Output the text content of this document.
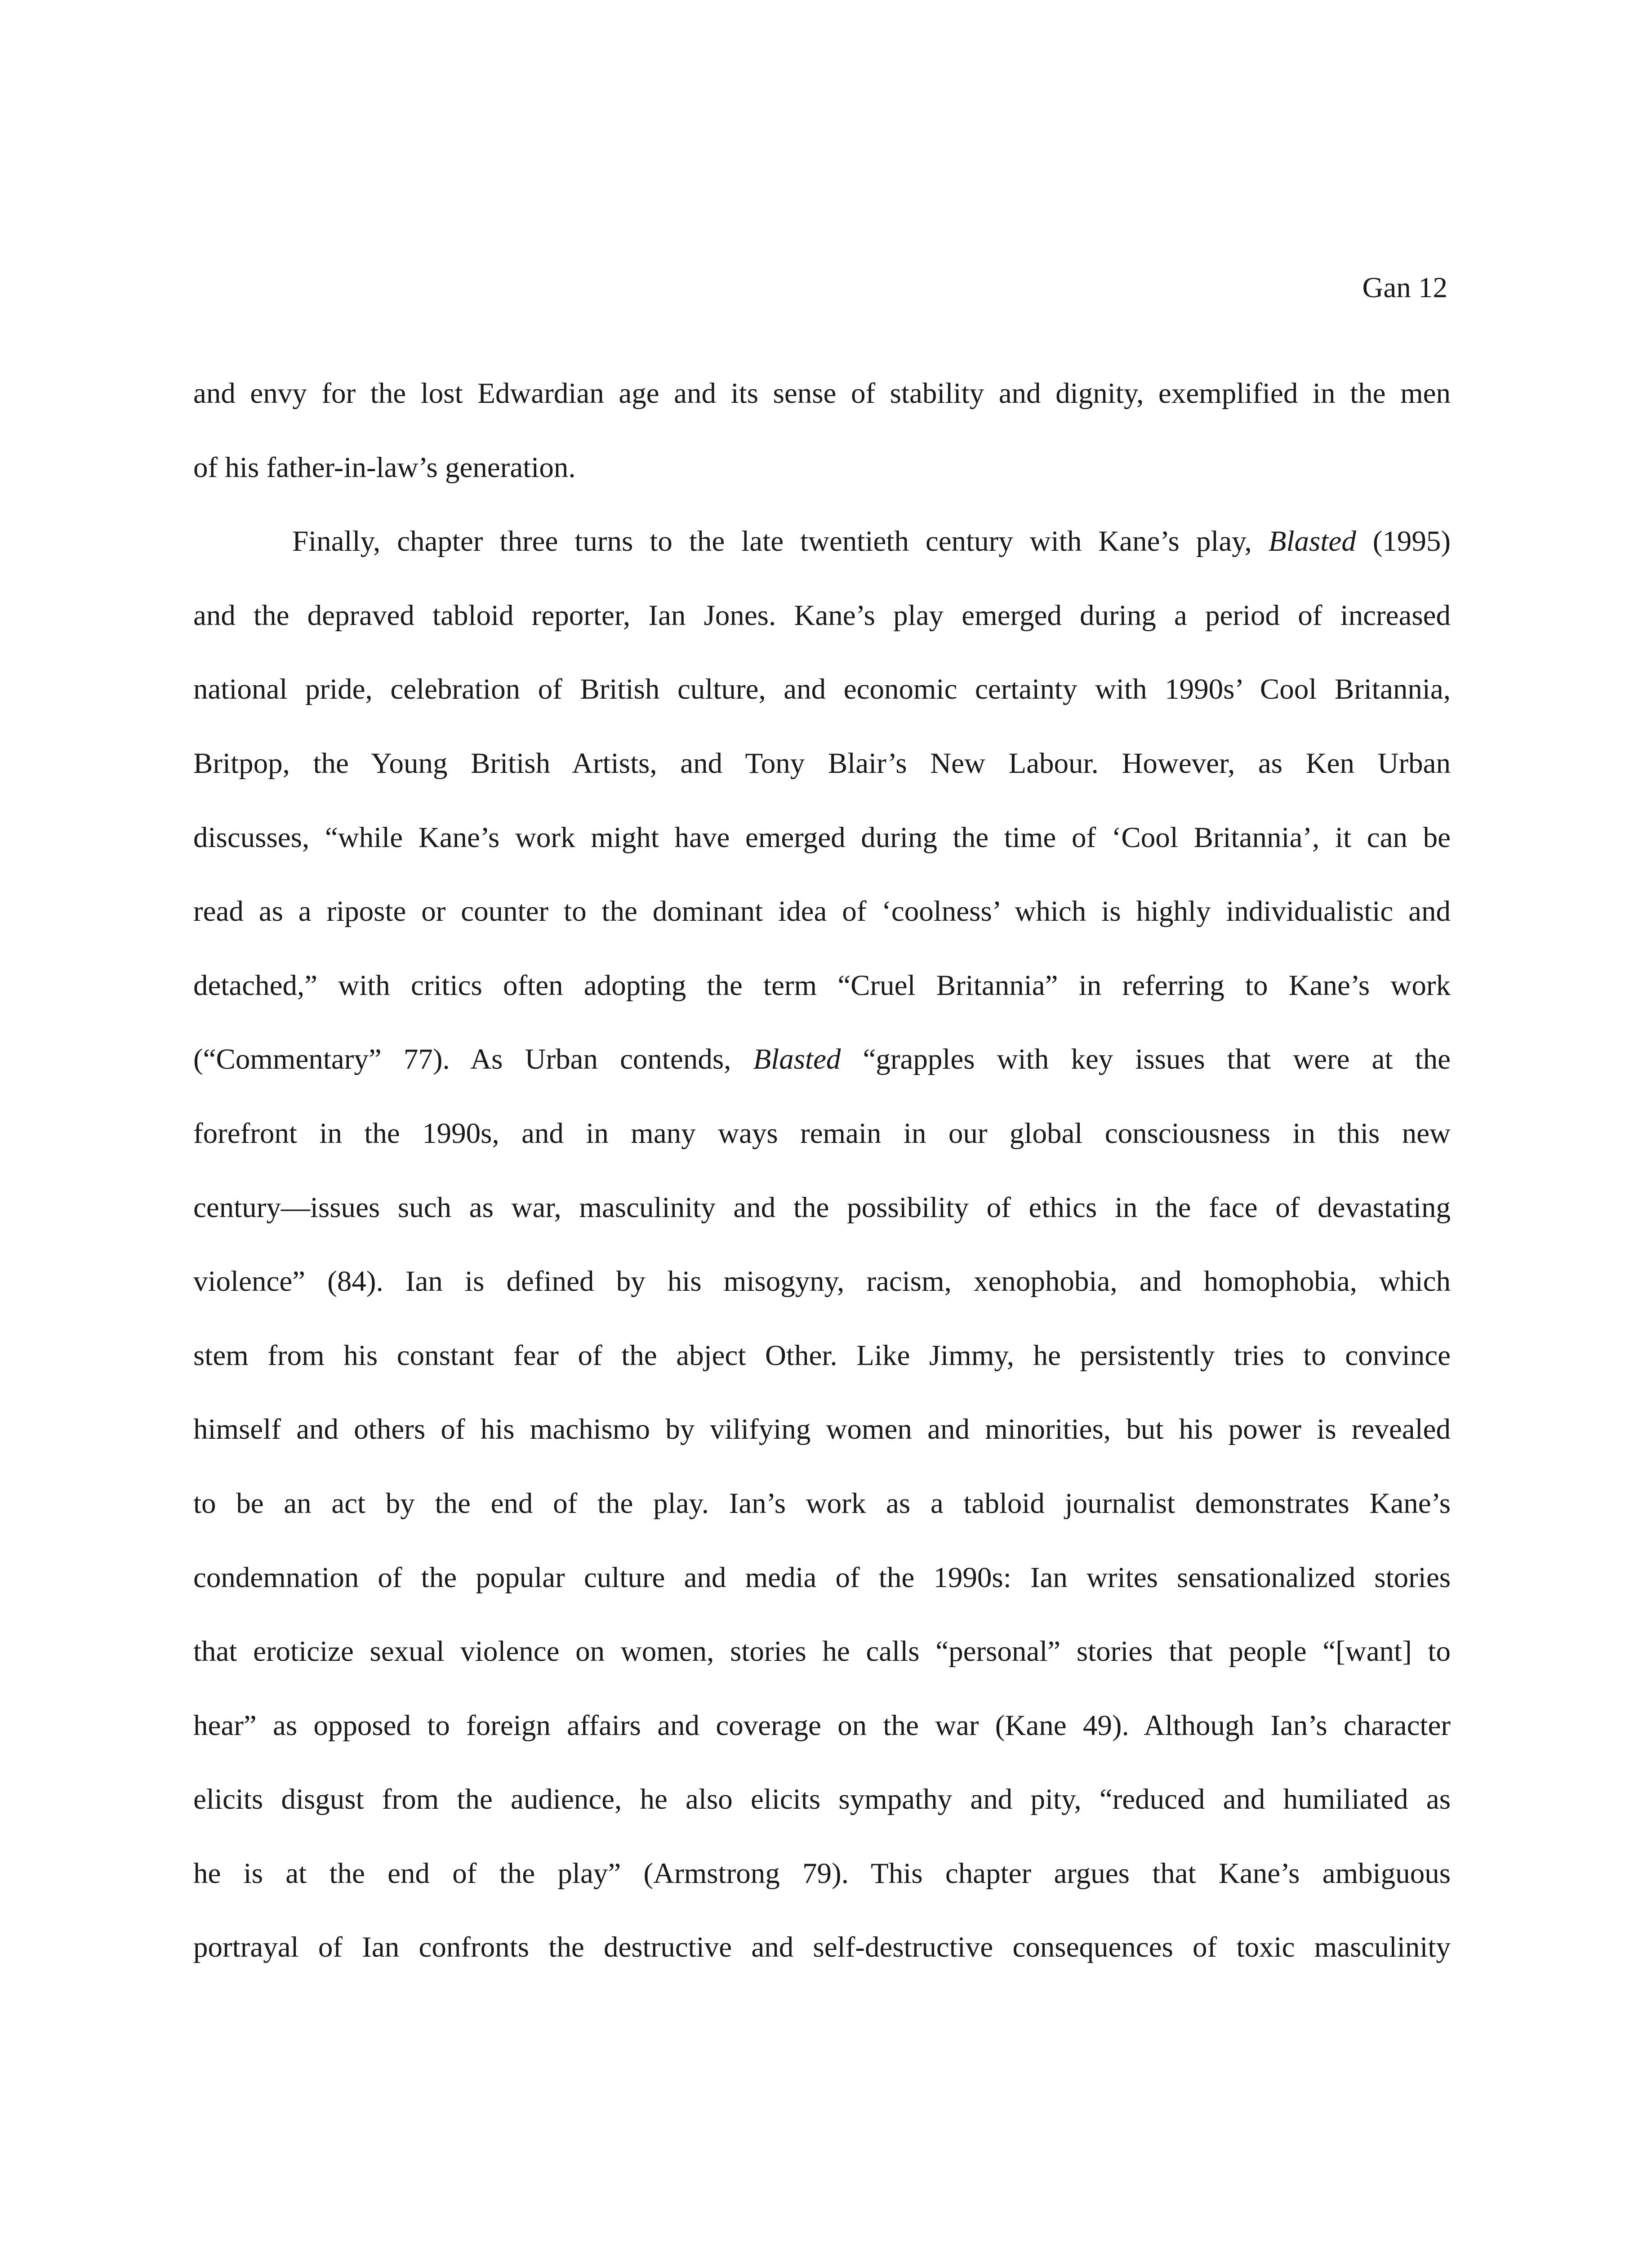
Gan 12
and envy for the lost Edwardian age and its sense of stability and dignity, exemplified in the men
of his father-in-law’s generation.
Finally, chapter three turns to the late twentieth century with Kane’s play, Blasted (1995)
and the depraved tabloid reporter, Ian Jones. Kane’s play emerged during a period of increased
national pride, celebration of British culture, and economic certainty with 1990s’ Cool Britannia,
Britpop, the Young British Artists, and Tony Blair’s New Labour. However, as Ken Urban
discusses, “while Kane’s work might have emerged during the time of ‘Cool Britannia’, it can be
read as a riposte or counter to the dominant idea of ‘coolness’ which is highly individualistic and
detached,” with critics often adopting the term “Cruel Britannia” in referring to Kane’s work
(“Commentary” 77). As Urban contends, Blasted “grapples with key issues that were at the
forefront in the 1990s, and in many ways remain in our global consciousness in this new
century—issues such as war, masculinity and the possibility of ethics in the face of devastating
violence” (84). Ian is defined by his misogyny, racism, xenophobia, and homophobia, which
stem from his constant fear of the abject Other. Like Jimmy, he persistently tries to convince
himself and others of his machismo by vilifying women and minorities, but his power is revealed
to be an act by the end of the play. Ian’s work as a tabloid journalist demonstrates Kane’s
condemnation of the popular culture and media of the 1990s: Ian writes sensationalized stories
that eroticize sexual violence on women, stories he calls “personal” stories that people “[want] to
hear” as opposed to foreign affairs and coverage on the war (Kane 49). Although Ian’s character
elicits disgust from the audience, he also elicits sympathy and pity, “reduced and humiliated as
he is at the end of the play” (Armstrong 79). This chapter argues that Kane’s ambiguous
portrayal of Ian confronts the destructive and self-destructive consequences of toxic masculinity
